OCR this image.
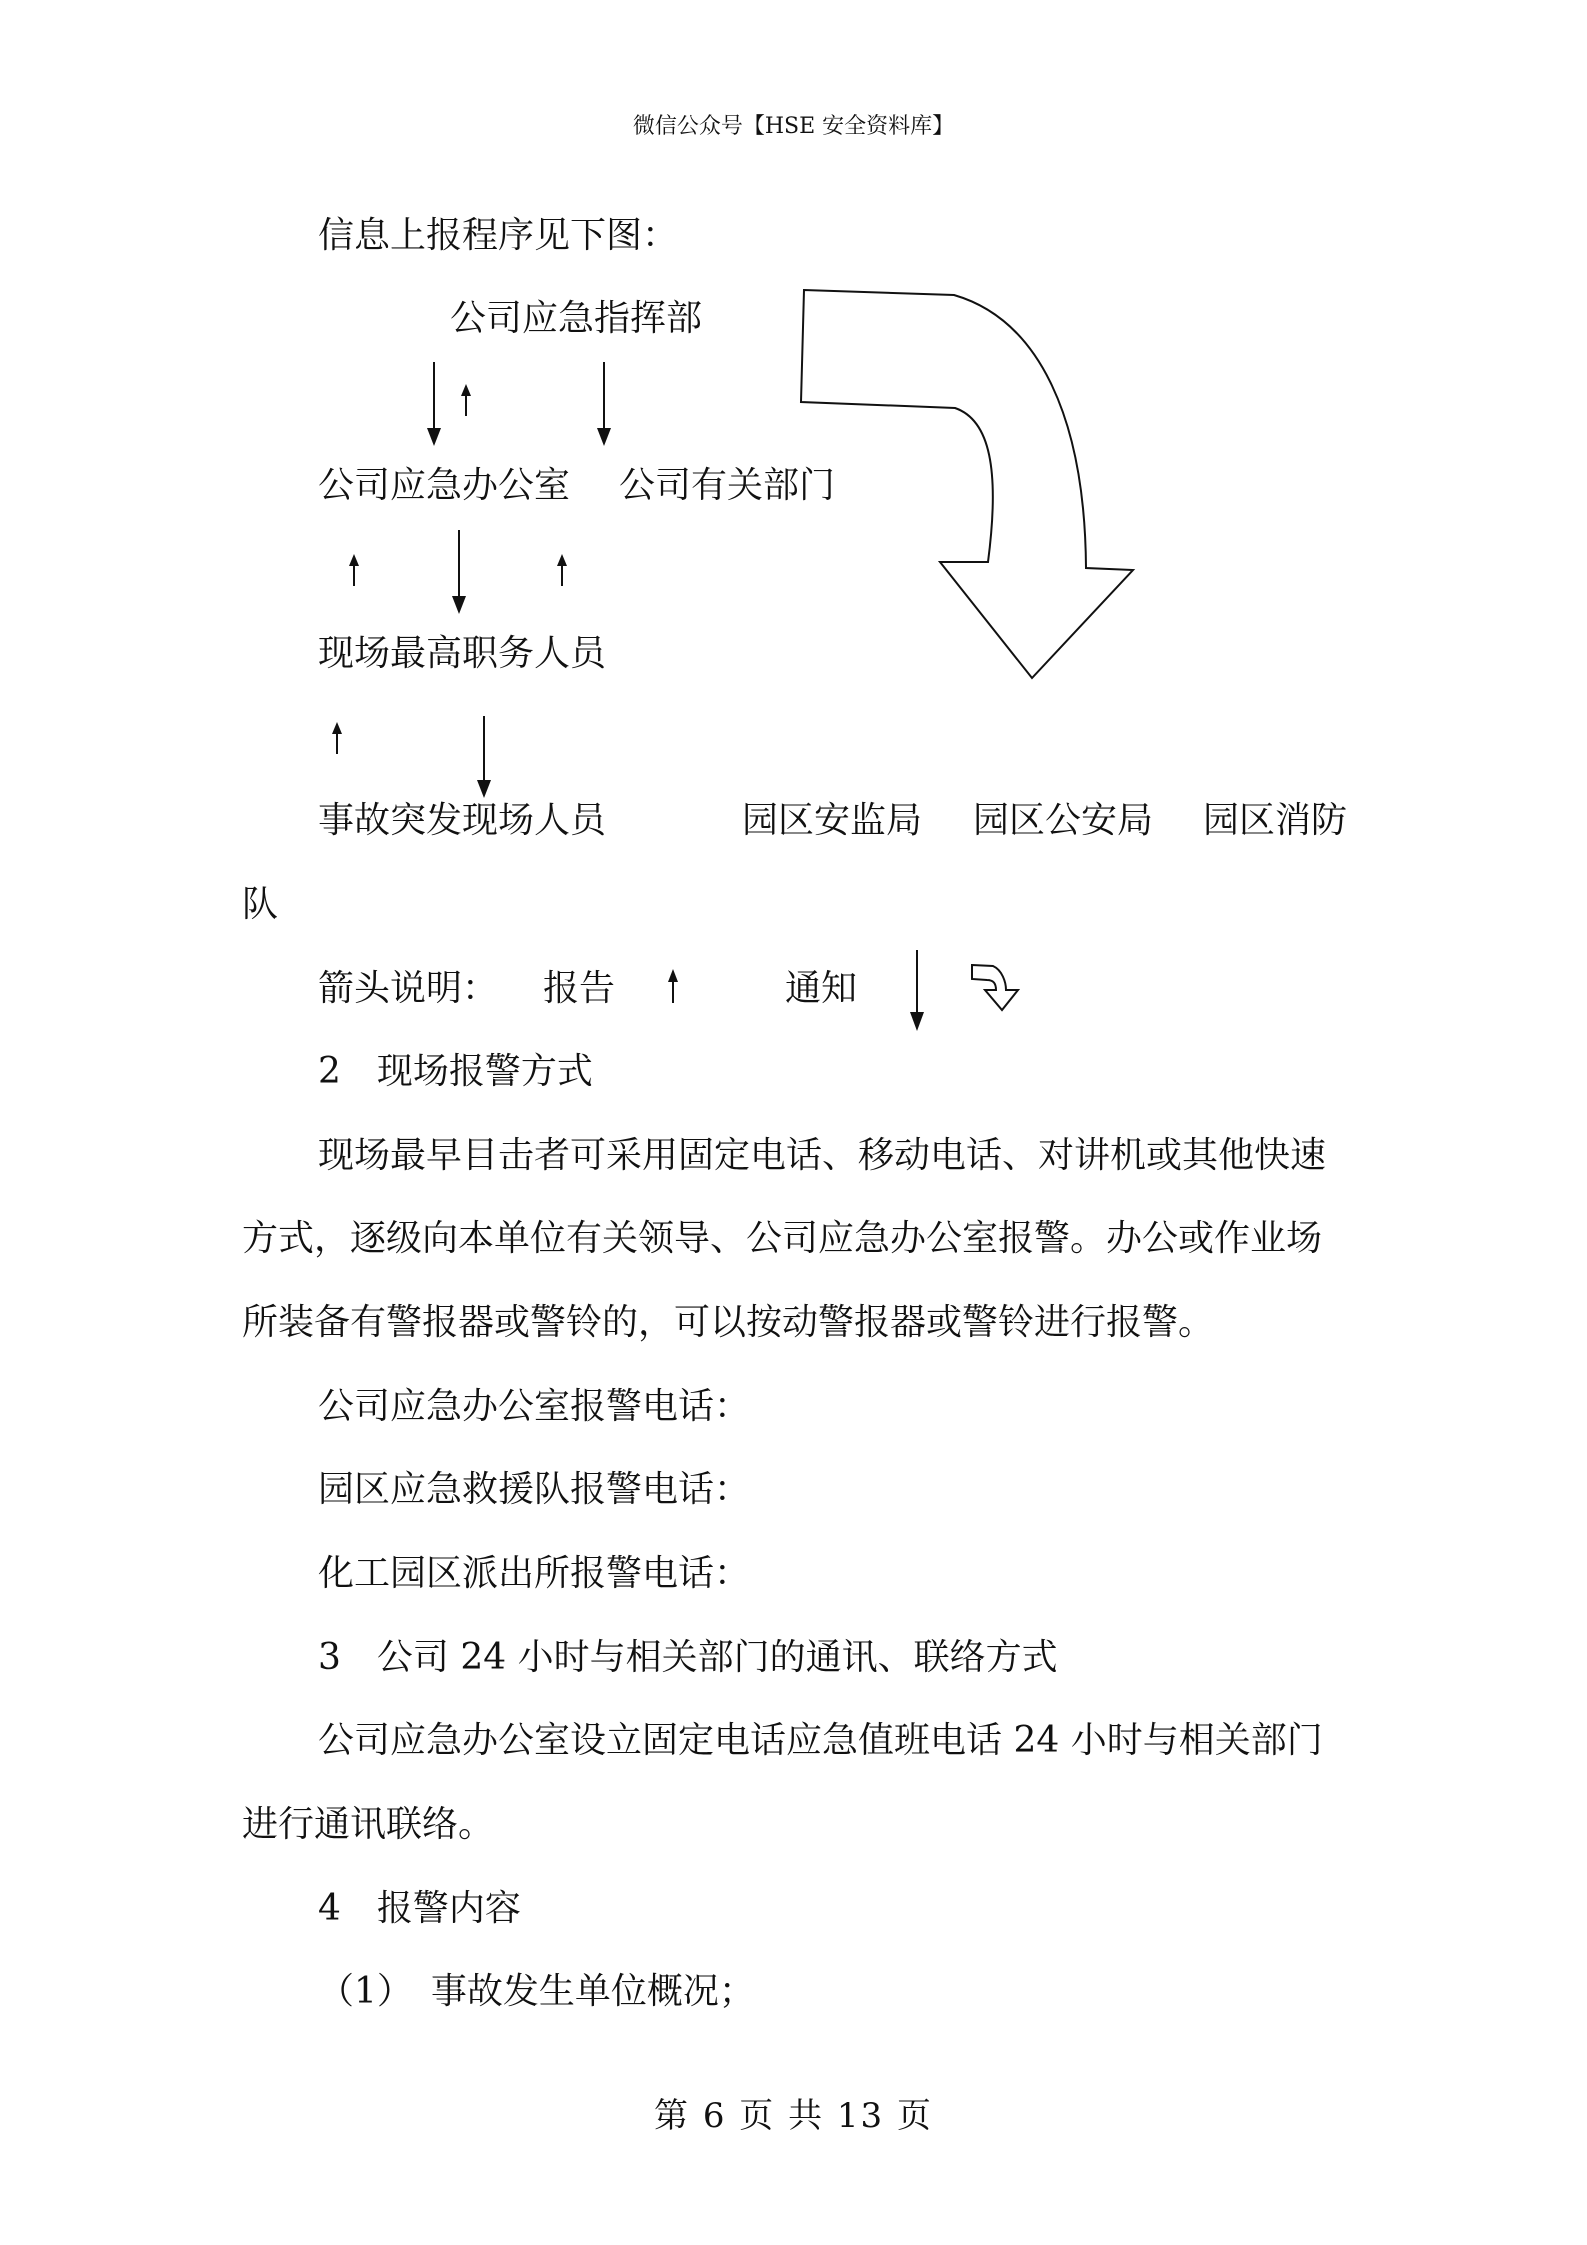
微信公众号【HSE 安全资料库】
信息上报程序见下图：
公司应急指挥部
公司应急办公室 公司有关部门
现场最高职务人员
事故突发现场人员	园区安监局 园区公安局 园区消防
队
箭头说明： 报告	通知
2　现场报警方式
现场最早目击者可采用固定电话、移动电话、对讲机或其他快速
方式，逐级向本单位有关领导、公司应急办公室报警。办公或作业场
所装备有警报器或警铃的，可以按动警报器或警铃进行报警。
公司应急办公室报警电话：
园区应急救援队报警电话：
化工园区派出所报警电话：
3　公司 24 小时与相关部门的通讯、联络方式
公司应急办公室设立固定电话应急值班电话 24 小时与相关部门
进行通讯联络。
4　报警内容
（1）　事故发生单位概况；
第 6 页 共 13 页
